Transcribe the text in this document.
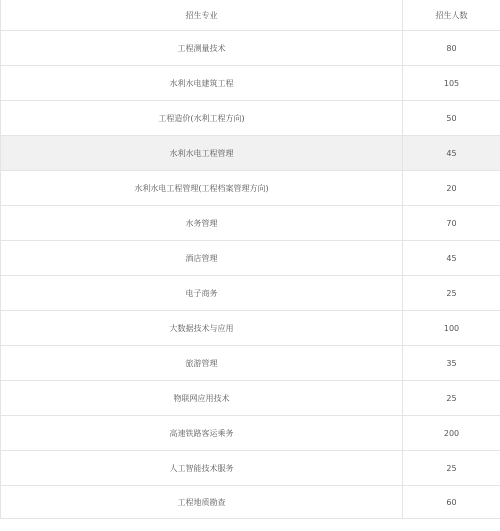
招生专业	招生人数
工程测量技术	80
水利水电建筑工程	105
工程造价(水利工程方向)	50
水利水电工程管理	45
水利水电工程管理(工程档案管理方向)	20
水务管理	70
酒店管理	45
电子商务	25
大数据技术与应用	100
旅游管理	35
物联网应用技术	25
高速铁路客运乘务	200
人工智能技术服务	25
工程地质勘查	60
